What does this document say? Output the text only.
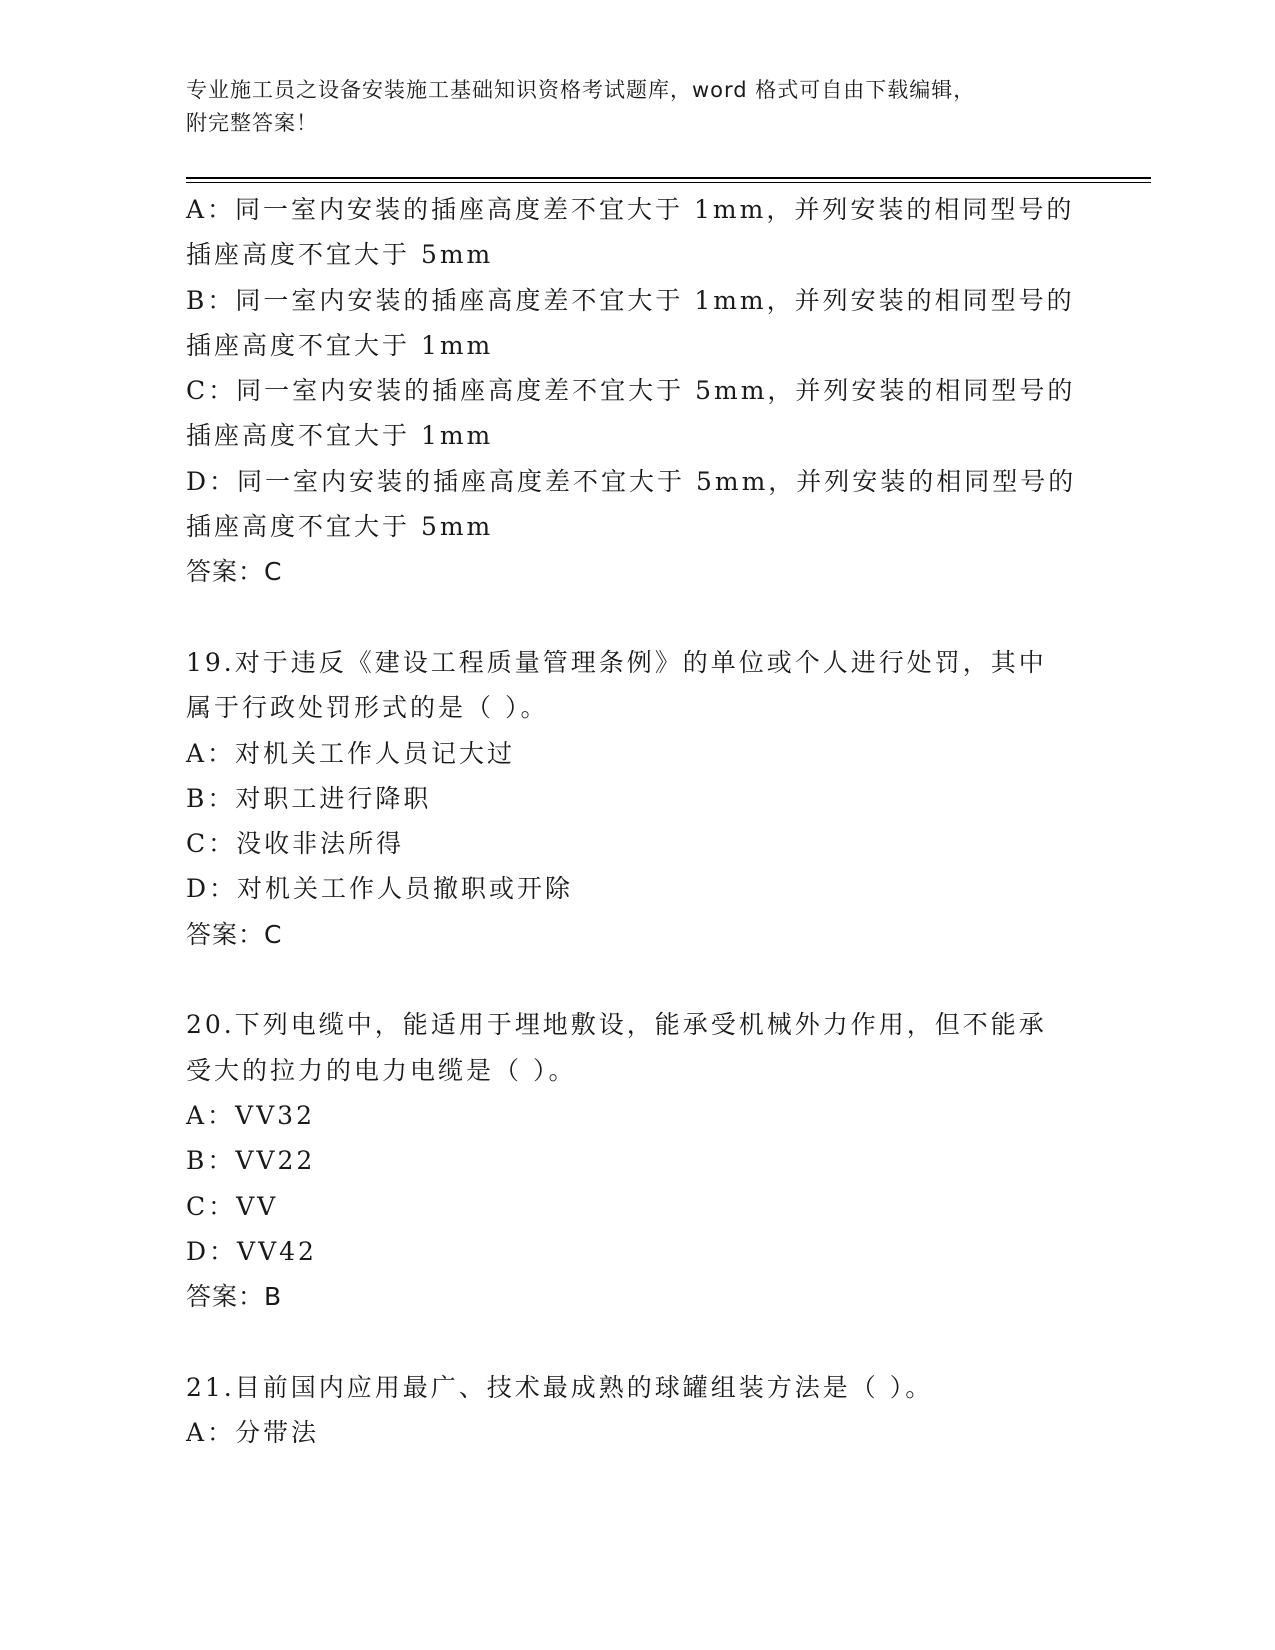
专业施工员之设备安装施工基础知识资格考试题库，word 格式可自由下载编辑，
附完整答案！
A：同一室内安装的插座高度差不宜大于 1mm，并列安装的相同型号的
插座高度不宜大于 5mm
B：同一室内安装的插座高度差不宜大于 1mm，并列安装的相同型号的
插座高度不宜大于 1mm
C：同一室内安装的插座高度差不宜大于 5mm，并列安装的相同型号的
插座高度不宜大于 1mm
D：同一室内安装的插座高度差不宜大于 5mm，并列安装的相同型号的
插座高度不宜大于 5mm
答案：C
19.对于违反《建设工程质量管理条例》的单位或个人进行处罚，其中
属于行政处罚形式的是（ ）。
A：对机关工作人员记大过
B：对职工进行降职
C：没收非法所得
D：对机关工作人员撤职或开除
答案：C
20.下列电缆中，能适用于埋地敷设，能承受机械外力作用，但不能承
受大的拉力的电力电缆是（ ）。
A：VV32
B：VV22
C：VV
D：VV42
答案：B
21.目前国内应用最广、技术最成熟的球罐组装方法是（ ）。
A：分带法
